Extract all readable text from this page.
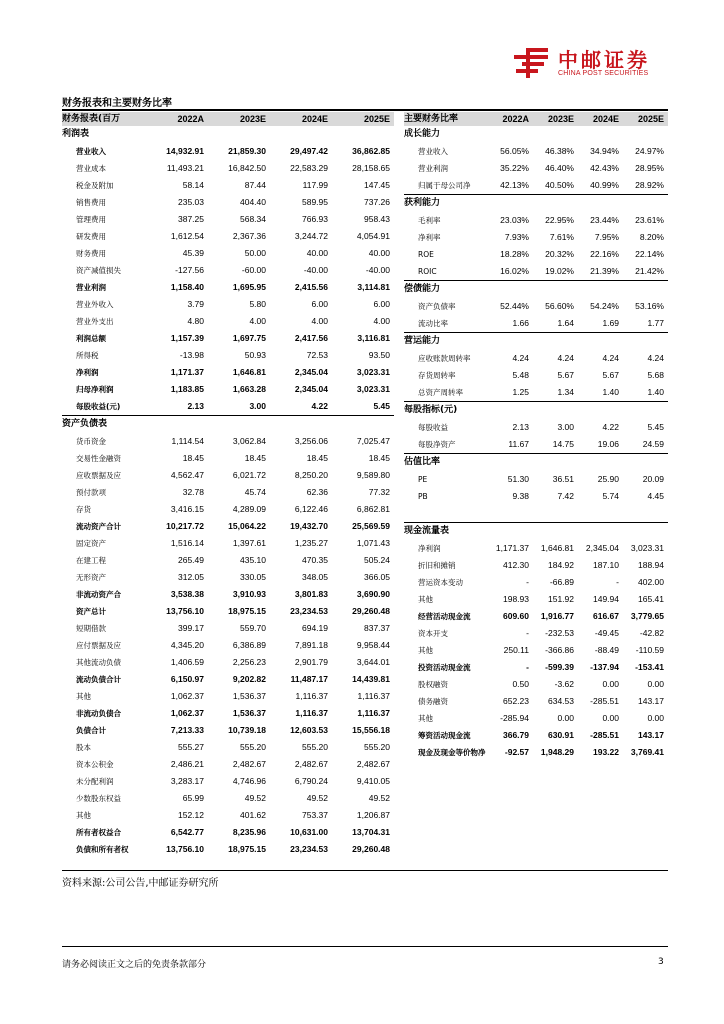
中邮证券
CHINA POST SECURITIES
财务报表和主要财务比率
财务报表(百万	2022A	2023E	2024E	2025E
利润表				
营业收入	14,932.91	21,859.30	29,497.42	36,862.85
营业成本	11,493.21	16,842.50	22,583.29	28,158.65
税金及附加	58.14	87.44	117.99	147.45
销售费用	235.03	404.40	589.95	737.26
管理费用	387.25	568.34	766.93	958.43
研发费用	1,612.54	2,367.36	3,244.72	4,054.91
财务费用	45.39	50.00	40.00	40.00
资产减值损失	-127.56	-60.00	-40.00	-40.00
营业利润	1,158.40	1,695.95	2,415.56	3,114.81
营业外收入	3.79	5.80	6.00	6.00
营业外支出	4.80	4.00	4.00	4.00
利润总额	1,157.39	1,697.75	2,417.56	3,116.81
所得税	-13.98	50.93	72.53	93.50
净利润	1,171.37	1,646.81	2,345.04	3,023.31
归母净利润	1,183.85	1,663.28	2,345.04	3,023.31
每股收益(元)	2.13	3.00	4.22	5.45
资产负债表				
货币资金	1,114.54	3,062.84	3,256.06	7,025.47
交易性金融资	18.45	18.45	18.45	18.45
应收票据及应	4,562.47	6,021.72	8,250.20	9,589.80
预付款项	32.78	45.74	62.36	77.32
存货	3,416.15	4,289.09	6,122.46	6,862.81
流动资产合计	10,217.72	15,064.22	19,432.70	25,569.59
固定资产	1,516.14	1,397.61	1,235.27	1,071.43
在建工程	265.49	435.10	470.35	505.24
无形资产	312.05	330.05	348.05	366.05
非流动资产合	3,538.38	3,910.93	3,801.83	3,690.90
资产总计	13,756.10	18,975.15	23,234.53	29,260.48
短期借款	399.17	559.70	694.19	837.37
应付票据及应	4,345.20	6,386.89	7,891.18	9,958.44
其他流动负债	1,406.59	2,256.23	2,901.79	3,644.01
流动负债合计	6,150.97	9,202.82	11,487.17	14,439.81
其他	1,062.37	1,536.37	1,116.37	1,116.37
非流动负债合	1,062.37	1,536.37	1,116.37	1,116.37
负债合计	7,213.33	10,739.18	12,603.53	15,556.18
股本	555.27	555.20	555.20	555.20
资本公积金	2,486.21	2,482.67	2,482.67	2,482.67
未分配利润	3,283.17	4,746.96	6,790.24	9,410.05
少数股东权益	65.99	49.52	49.52	49.52
其他	152.12	401.62	753.37	1,206.87
所有者权益合	6,542.77	8,235.96	10,631.00	13,704.31
负债和所有者权	13,756.10	18,975.15	23,234.53	29,260.48
主要财务比率	2022A	2023E	2024E	2025E
成长能力				
营业收入	56.05%	46.38%	34.94%	24.97%
营业利润	35.22%	46.40%	42.43%	28.95%
归属于母公司净	42.13%	40.50%	40.99%	28.92%
获利能力				
毛利率	23.03%	22.95%	23.44%	23.61%
净利率	7.93%	7.61%	7.95%	8.20%
ROE	18.28%	20.32%	22.16%	22.14%
ROIC	16.02%	19.02%	21.39%	21.42%
偿债能力				
资产负债率	52.44%	56.60%	54.24%	53.16%
流动比率	1.66	1.64	1.69	1.77
营运能力				
应收账款周转率	4.24	4.24	4.24	4.24
存货周转率	5.48	5.67	5.67	5.68
总资产周转率	1.25	1.34	1.40	1.40
每股指标(元)				
每股收益	2.13	3.00	4.22	5.45
每股净资产	11.67	14.75	19.06	24.59
估值比率				
PE	51.30	36.51	25.90	20.09
PB	9.38	7.42	5.74	4.45

现金流量表				
净利润	1,171.37	1,646.81	2,345.04	3,023.31
折旧和摊销	412.30	184.92	187.10	188.94
营运资本变动	-	-66.89	-	402.00
其他	198.93	151.92	149.94	165.41
经营活动现金流	609.60	1,916.77	616.67	3,779.65
资本开支	-	-232.53	-49.45	-42.82
其他	250.11	-366.86	-88.49	-110.59
投资活动现金流	-	-599.39	-137.94	-153.41
股权融资	0.50	-3.62	0.00	0.00
债务融资	652.23	634.53	-285.51	143.17
其他	-285.94	0.00	0.00	0.00
筹资活动现金流	366.79	630.91	-285.51	143.17
现金及现金等价物净	-92.57	1,948.29	193.22	3,769.41
资料来源:公司公告,中邮证券研究所
请务必阅读正文之后的免责条款部分	3
